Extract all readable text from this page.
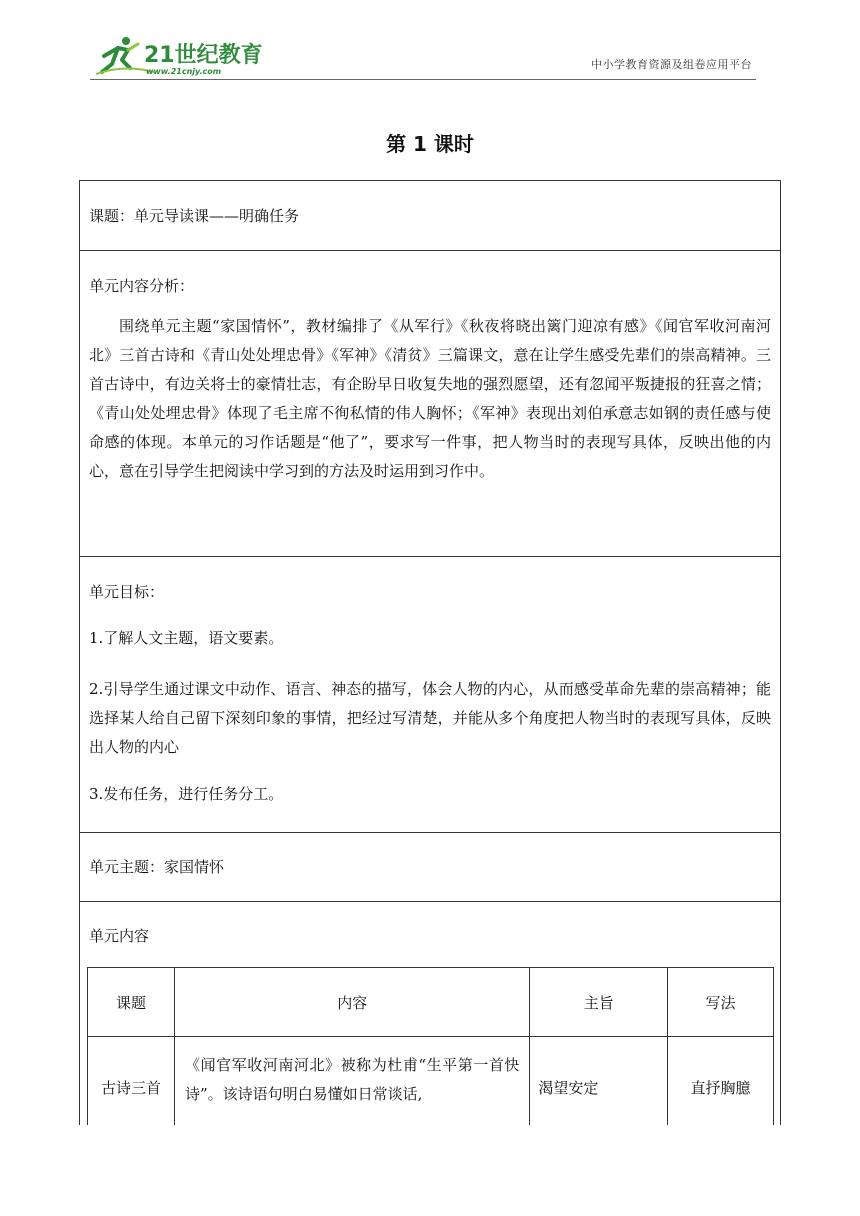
21世纪教育
www.21cnjy.com
中小学教育资源及组卷应用平台
第 1 课时
课题：单元导读课——明确任务
单元内容分析：

围绕单元主题“家国情怀”，教材编排了《从军行》《秋夜将晓出篱门迎凉有感》《闻官军收河南河北》三首古诗和《青山处处埋忠骨》《军神》《清贫》三篇课文，意在让学生感受先辈们的崇高精神。三首古诗中，有边关将士的豪情壮志，有企盼早日收复失地的强烈愿望，还有忽闻平叛捷报的狂喜之情；《青山处处埋忠骨》体现了毛主席不徇私情的伟人胸怀；《军神》表现出刘伯承意志如钢的责任感与使命感的体现。本单元的习作话题是“他了”，要求写一件事，把人物当时的表现写具体，反映出他的内心，意在引导学生把阅读中学习到的方法及时运用到习作中。

单元目标：

1.了解人文主题，语文要素。

2.引导学生通过课文中动作、语言、神态的描写，体会人物的内心，从而感受革命先辈的崇高精神；能选择某人给自己留下深刻印象的事情，把经过写清楚，并能从多个角度把人物当时的表现写具体，反映出人物的内心

3.发布任务，进行任务分工。

单元主题：家国情怀
单元内容
课题	内容	主旨	写法
古诗三首	《闻官军收河南河北》被称为杜甫“生平第一首快诗”。该诗语句明白易懂如日常谈话,	渴望安定	直抒胸臆
